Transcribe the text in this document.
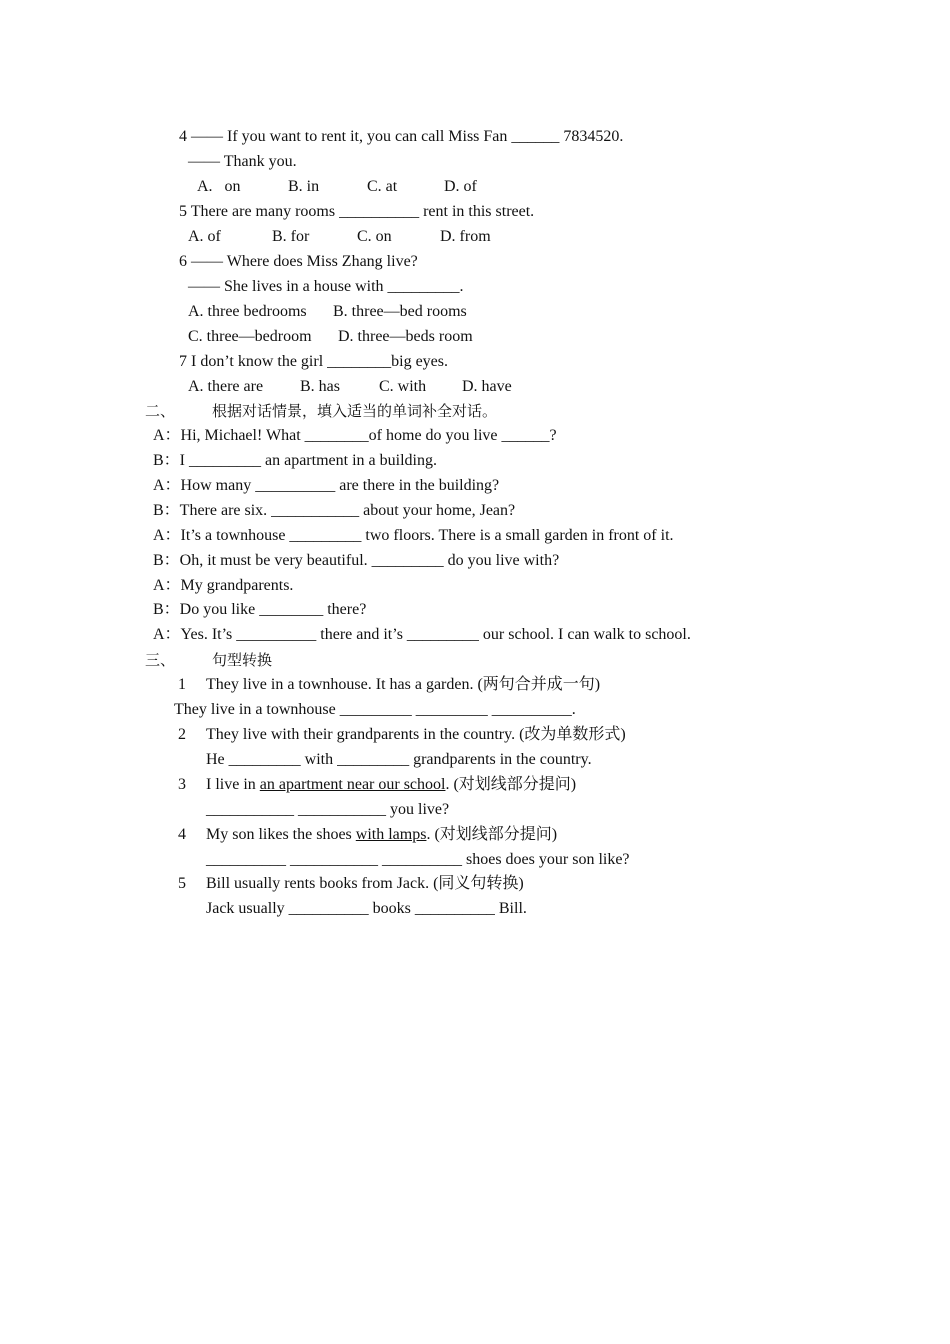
4 —— If you want to rent it, you can call Miss Fan ______ 7834520.
—— Thank you.
A.   on	B. in	C. at	D. of
5 There are many rooms __________ rent in this street.
A. of	B. for	C. on	D. from
6 —— Where does Miss Zhang live?
—— She lives in a house with _________.
A. three bedrooms B. three—bed rooms
C. three—bedroom D. three—beds room
7 I don’t know the girl ________big eyes.
A. there are B. has C. with D. have
二、 根据对话情景，填入适当的单词补全对话。
A：Hi, Michael! What ________of home do you live ______?
B：I _________ an apartment in a building.
A：How many __________ are there in the building?
B：There are six. ___________ about your home, Jean?
A：It’s a townhouse _________ two floors. There is a small garden in front of it.
B：Oh, it must be very beautiful. _________ do you live with?
A：My grandparents.
B：Do you like ________ there?
A：Yes. It’s __________ there and it’s _________ our school. I can walk to school.
三、 句型转换
1 They live in a townhouse. It has a garden. (两句合并成一句)
They live in a townhouse _________ _________ __________.
2 They live with their grandparents in the country. (改为单数形式)
He _________ with _________ grandparents in the country.
3 I live in an apartment near our school. (对划线部分提问)
___________ ___________ you live?
4 My son likes the shoes with lamps. (对划线部分提问)
__________ ___________ __________ shoes does your son like?
5 Bill usually rents books from Jack. (同义句转换)
Jack usually __________ books __________ Bill.
